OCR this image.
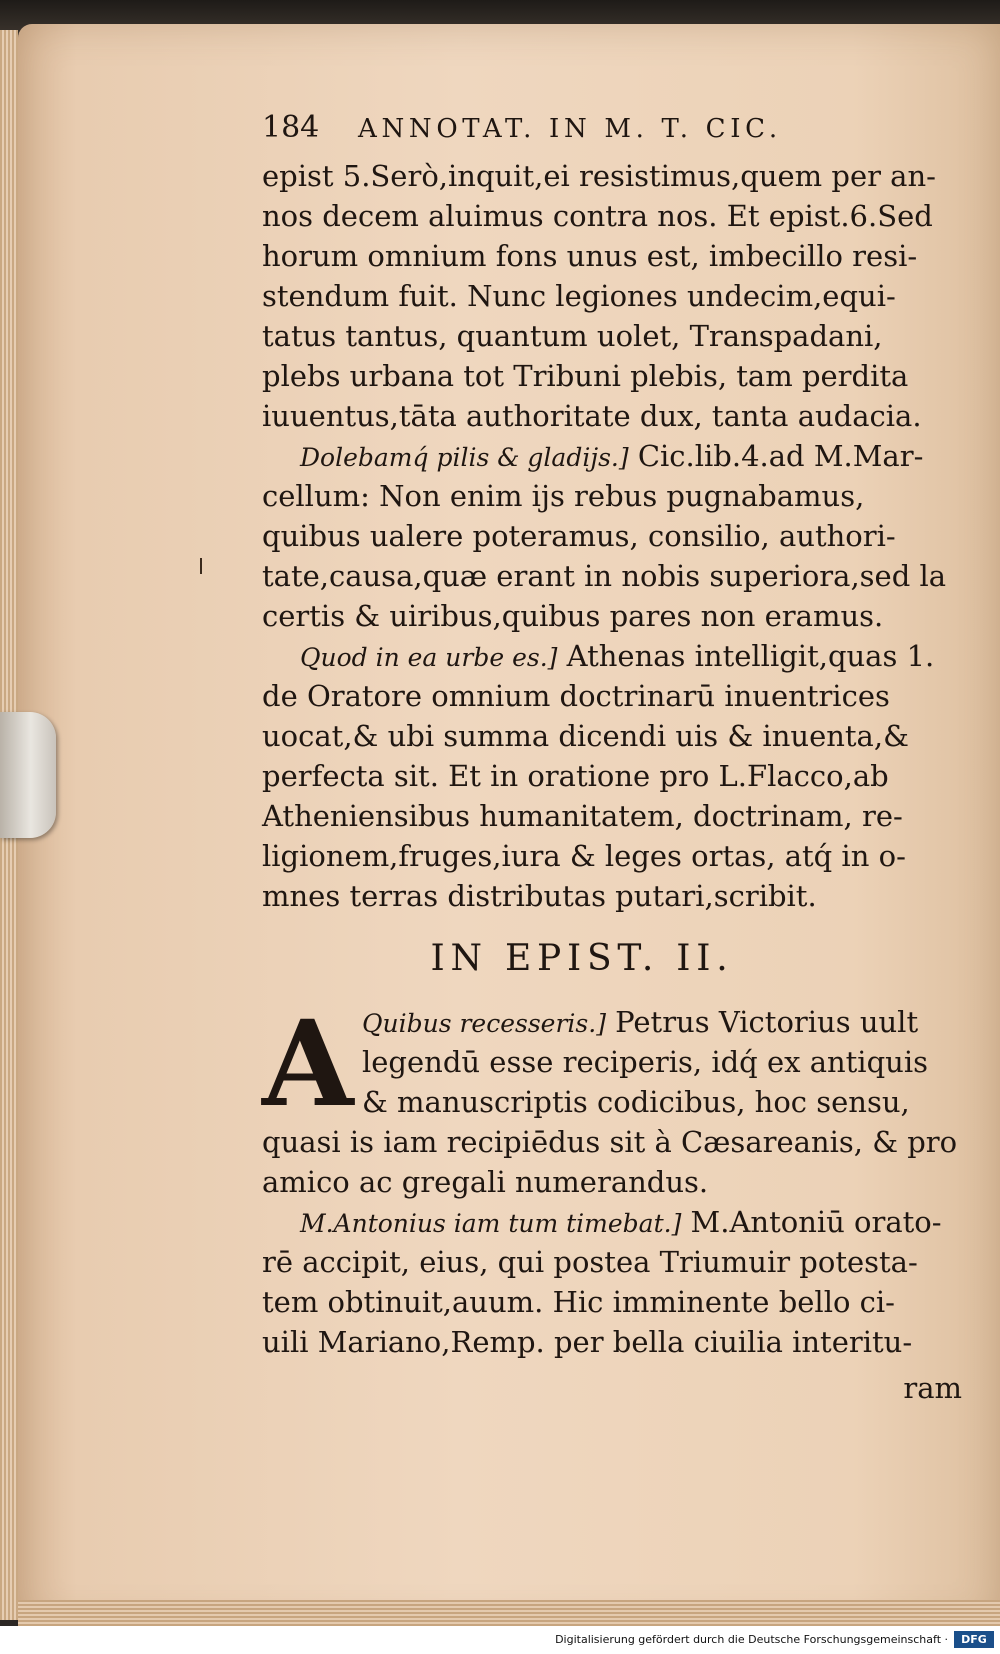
184 ANNOTAT. IN M. T. CIC.
epist 5.Serò,inquit,ei resistimus,quem per an-
nos decem aluimus contra nos. Et epist.6.Sed
horum omnium fons unus est, imbecillo resi-
stendum fuit. Nunc legiones undecim,equi-
tatus tantus, quantum uolet, Transpadani,
plebs urbana tot Tribuni plebis, tam perdita
iuuentus,tāta authoritate dux, tanta audacia.
Dolebamq́ pilis & gladijs.] Cic.lib.4.ad M.Mar-
cellum: Non enim ijs rebus pugnabamus,
quibus ualere poteramus, consilio, authori-
tate,causa,quæ erant in nobis superiora,sed la
certis & uiribus,quibus pares non eramus.
Quod in ea urbe es.] Athenas intelligit,quas 1.
de Oratore omnium doctrinarū inuentrices
uocat,& ubi summa dicendi uis & inuenta,&
perfecta sit. Et in oratione pro L.Flacco,ab
Atheniensibus humanitatem, doctrinam, re-
ligionem,fruges,iura & leges ortas, atq́ in o-
mnes terras distributas putari,scribit.
IN EPIST. II.
A Quibus recesseris.] Petrus Victorius uult
legendū esse reciperis, idq́ ex antiquis
& manuscriptis codicibus, hoc sensu,
quasi is iam recipiēdus sit à Cæsareanis, & pro
amico ac gregali numerandus.
M.Antonius iam tum timebat.] M.Antoniū orato-
rē accipit, eius, qui postea Triumuir potesta-
tem obtinuit,auum. Hic imminente bello ci-
uili Mariano,Remp. per bella ciuilia interitu-
ram
Digitalisierung gefördert durch die Deutsche Forschungsgemeinschaft ·	DFG
